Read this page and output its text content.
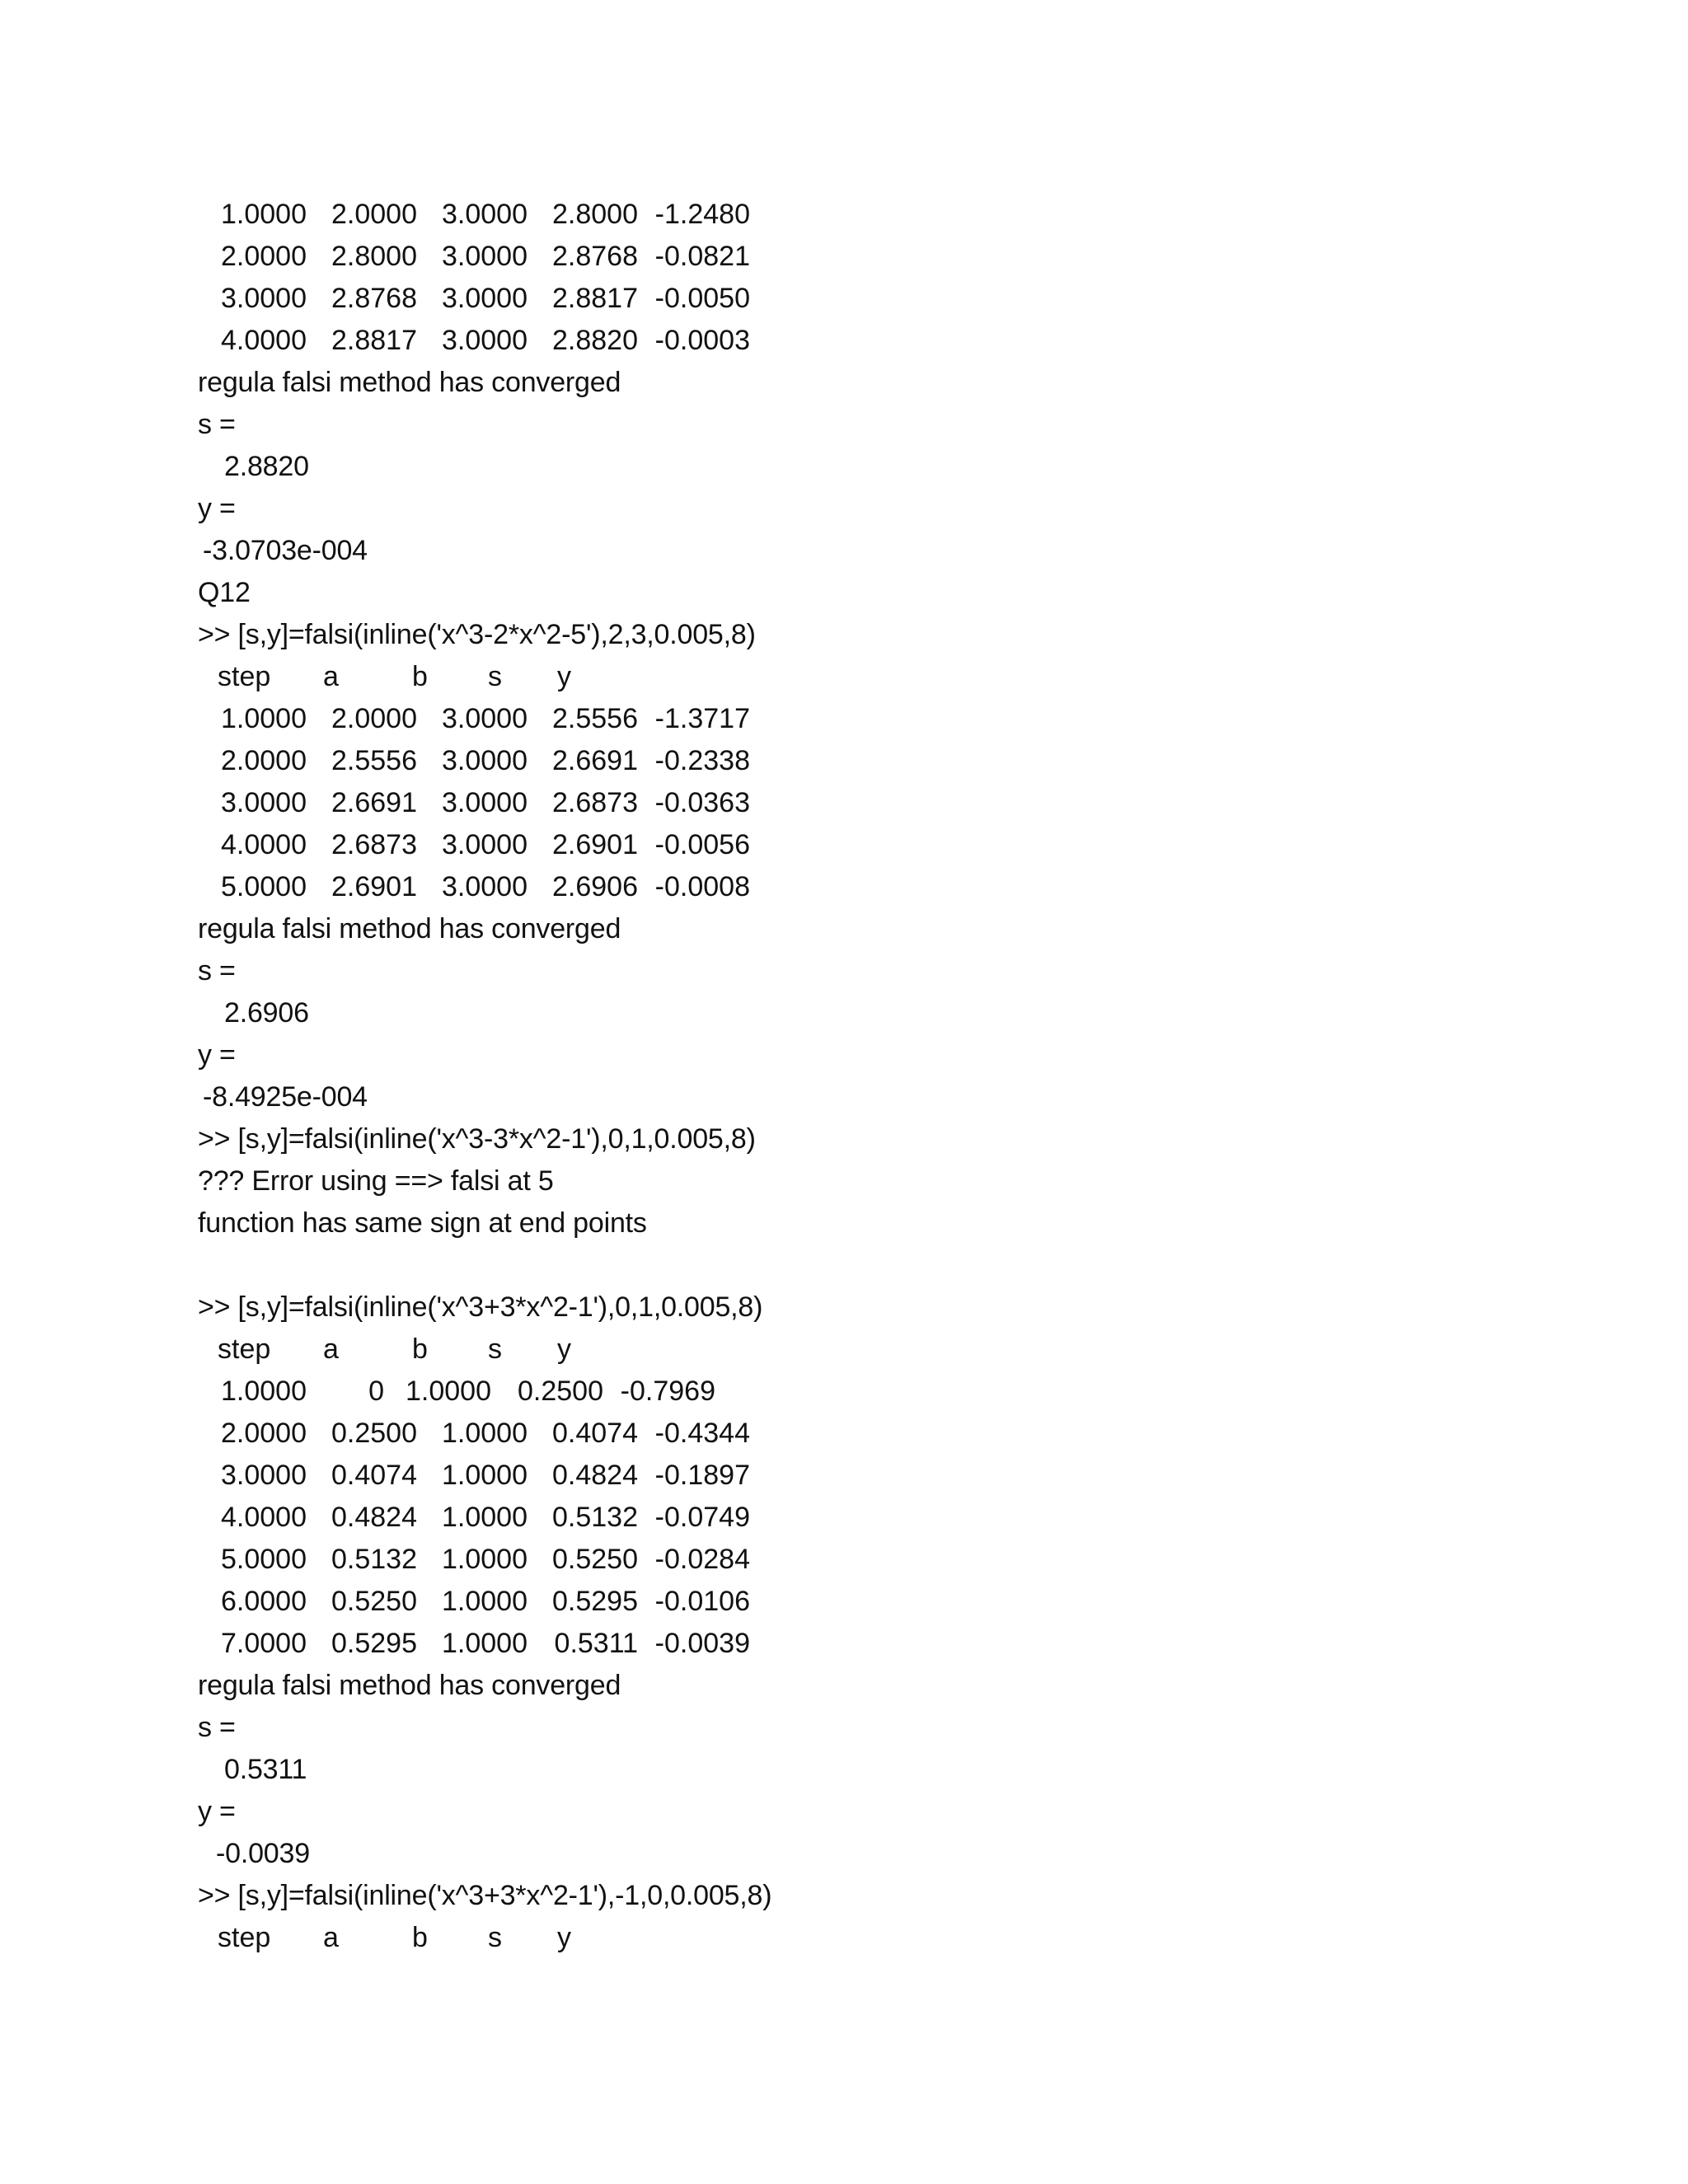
1.0000 2.0000 3.0000 2.8000 -1.2480
2.0000 2.8000 3.0000 2.8768 -0.0821
3.0000 2.8768 3.0000 2.8817 -0.0050
4.0000 2.8817 3.0000 2.8820 -0.0003
regula falsi method has converged
s =
2.8820
y =
-3.0703e-004
Q12
>> [s,y]=falsi(inline('x^3-2*x^2-5'),2,3,0.005,8)
step a	b s y
1.0000 2.0000 3.0000 2.5556 -1.3717
2.0000 2.5556 3.0000 2.6691 -0.2338
3.0000 2.6691 3.0000 2.6873 -0.0363
4.0000 2.6873 3.0000 2.6901 -0.0056
5.0000 2.6901 3.0000 2.6906 -0.0008
regula falsi method has converged
s =
2.6906
y =
-8.4925e-004
>> [s,y]=falsi(inline('x^3-3*x^2-1'),0,1,0.005,8)
??? Error using ==> falsi at 5
function has same sign at end points
>> [s,y]=falsi(inline('x^3+3*x^2-1'),0,1,0.005,8)
step a	b s y
1.0000 0 1.0000 0.2500 -0.7969
2.0000 0.2500 1.0000 0.4074 -0.4344
3.0000 0.4074 1.0000 0.4824 -0.1897
4.0000 0.4824 1.0000 0.5132 -0.0749
5.0000 0.5132 1.0000 0.5250 -0.0284
6.0000 0.5250 1.0000 0.5295 -0.0106
7.0000 0.5295 1.0000 0.5311 -0.0039
regula falsi method has converged
s =
0.5311
y =
-0.0039
>> [s,y]=falsi(inline('x^3+3*x^2-1'),-1,0,0.005,8)
step a	b s y
